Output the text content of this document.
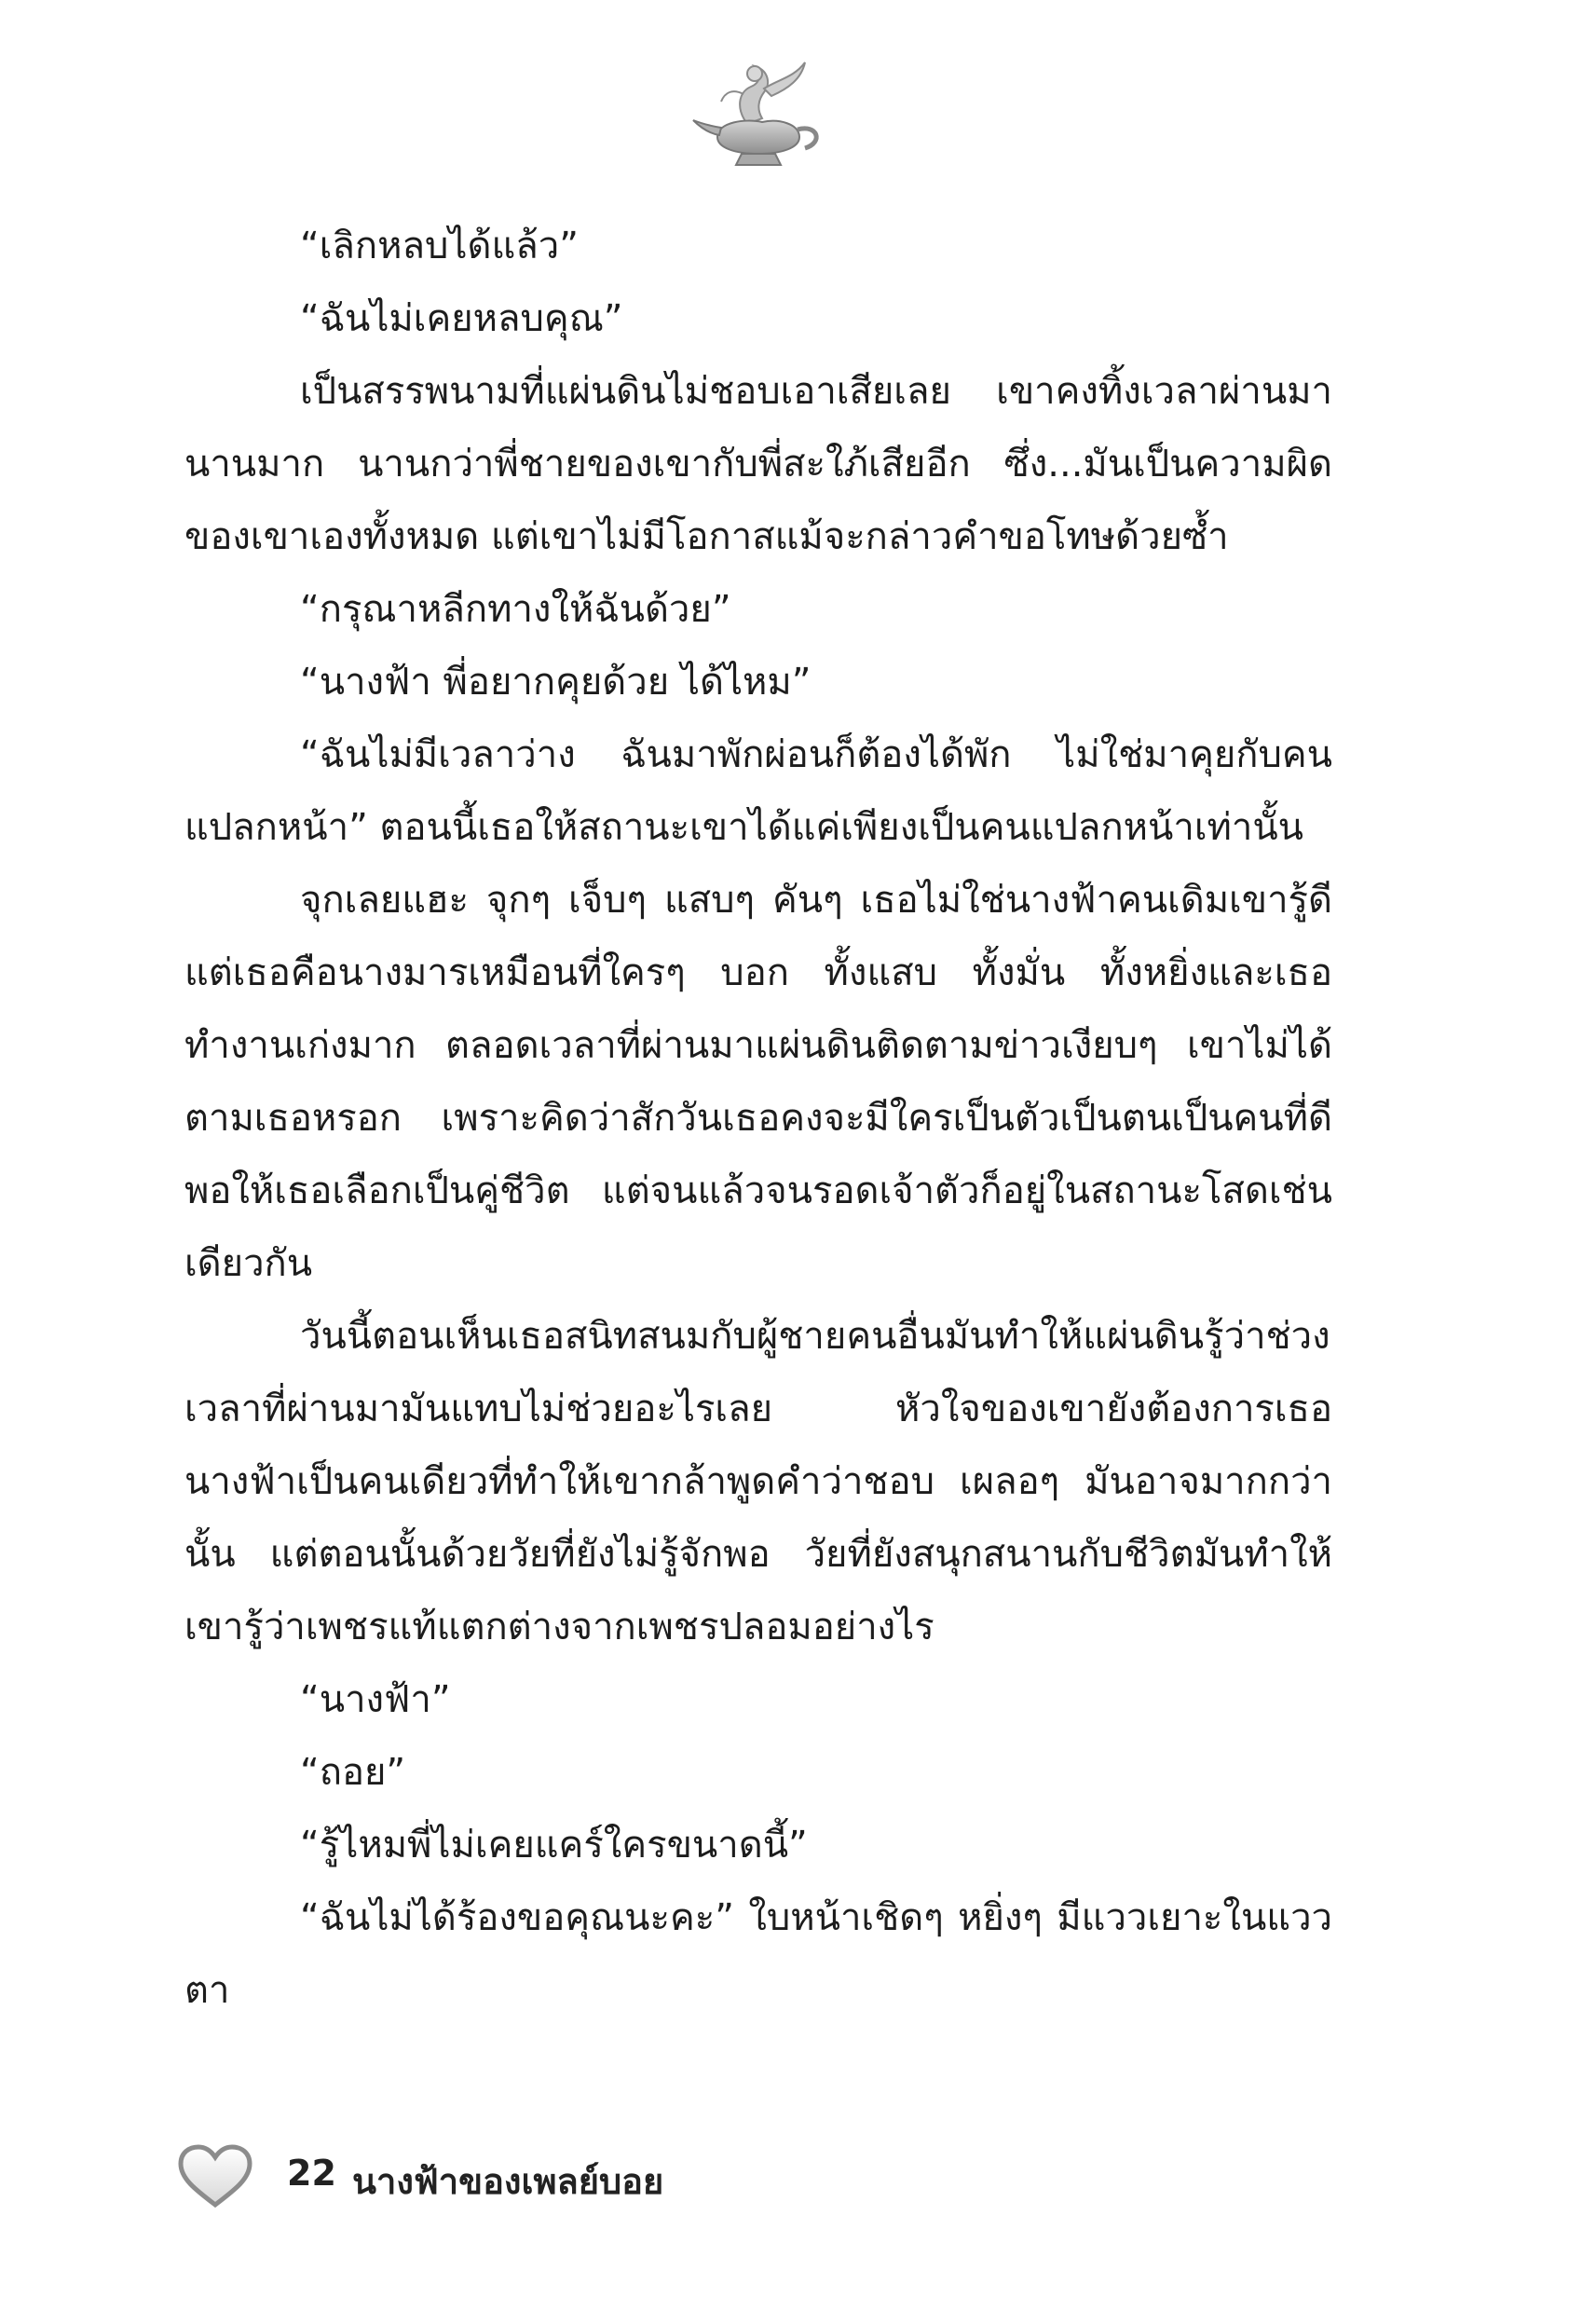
“เลิกหลบได้แล้ว”

“ฉันไม่เคยหลบคุณ”

เป็นสรรพนามที่แผ่นดินไม่ชอบเอาเสียเลย เขาคงทิ้งเวลาผ่านมานานมาก นานกว่าพี่ชายของเขากับพี่สะใภ้เสียอีก ซึ่ง...มันเป็นความผิดของเขาเองทั้งหมด แต่เขาไม่มีโอกาสแม้จะกล่าวคำขอโทษด้วยซ้ำ

“กรุณาหลีกทางให้ฉันด้วย”

“นางฟ้า พี่อยากคุยด้วย ได้ไหม”

“ฉันไม่มีเวลาว่าง ฉันมาพักผ่อนก็ต้องได้พัก ไม่ใช่มาคุยกับคนแปลกหน้า” ตอนนี้เธอให้สถานะเขาได้แค่เพียงเป็นคนแปลกหน้าเท่านั้น

จุกเลยแฮะ จุกๆ เจ็บๆ แสบๆ คันๆ เธอไม่ใช่นางฟ้าคนเดิมเขารู้ดี แต่เธอคือนางมารเหมือนที่ใครๆ บอก ทั้งแสบ ทั้งมั่น ทั้งหยิ่งและเธอทำงานเก่งมาก ตลอดเวลาที่ผ่านมาแผ่นดินติดตามข่าวเงียบๆ เขาไม่ได้ตามเธอหรอก เพราะคิดว่าสักวันเธอคงจะมีใครเป็นตัวเป็นตนเป็นคนที่ดีพอให้เธอเลือกเป็นคู่ชีวิต แต่จนแล้วจนรอดเจ้าตัวก็อยู่ในสถานะโสดเช่นเดียวกัน

วันนี้ตอนเห็นเธอสนิทสนมกับผู้ชายคนอื่นมันทำให้แผ่นดินรู้ว่าช่วงเวลาที่ผ่านมามันแทบไม่ช่วยอะไรเลย หัวใจของเขายังต้องการเธอนางฟ้าเป็นคนเดียวที่ทำให้เขากล้าพูดคำว่าชอบ เผลอๆ มันอาจมากกว่านั้น แต่ตอนนั้นด้วยวัยที่ยังไม่รู้จักพอ วัยที่ยังสนุกสนานกับชีวิตมันทำให้เขารู้ว่าเพชรแท้แตกต่างจากเพชรปลอมอย่างไร

“นางฟ้า”

“ถอย”

“รู้ไหมพี่ไม่เคยแคร์ใครขนาดนี้”

“ฉันไม่ได้ร้องขอคุณนะคะ” ใบหน้าเชิดๆ หยิ่งๆ มีแววเยาะในแววตา

22 นางฟ้าของเพลย์บอย
